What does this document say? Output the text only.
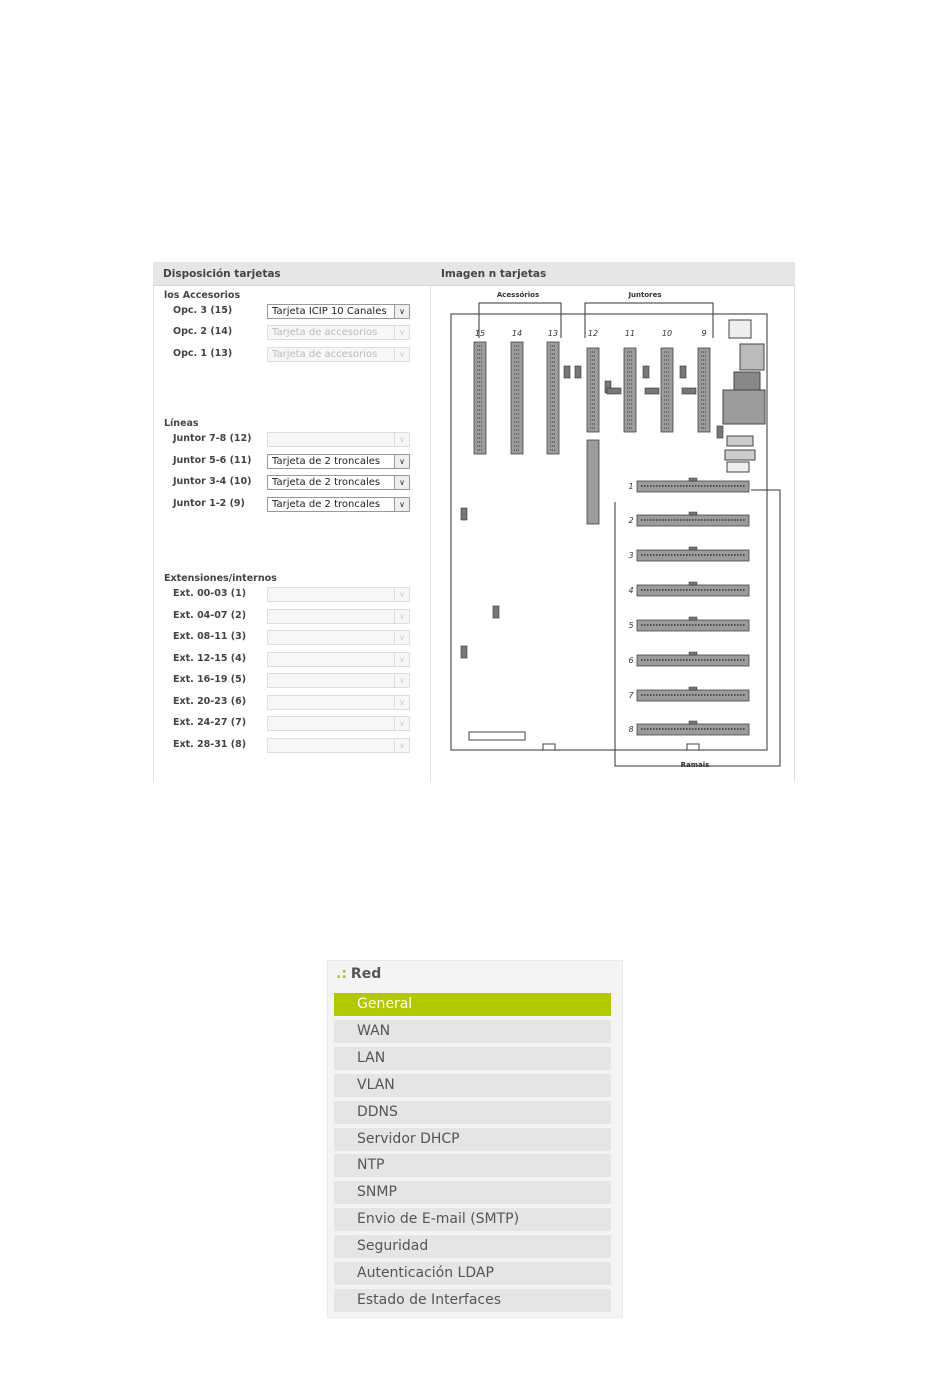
Disposición tarjetas	Imagen n tarjetas
los Accesorios
Opc. 3 (15)	Tarjeta ICIP 10 Canales	∨
Opc. 2 (14)	Tarjeta de accesorios	∨
Opc. 1 (13)	Tarjeta de accesorios	∨
Líneas
Juntor 7-8 (12)	∨
Juntor 5-6 (11)	Tarjeta de 2 troncales	∨
Juntor 3-4 (10)	Tarjeta de 2 troncales	∨
Juntor 1-2 (9)	Tarjeta de 2 troncales	∨
Extensiones/internos
Ext. 00-03 (1)	∨
Ext. 04-07 (2)	∨
Ext. 08-11 (3)	∨
Ext. 12-15 (4)	∨
Ext. 16-19 (5)	∨
Ext. 20-23 (6)	∨
Ext. 24-27 (7)	∨
Ext. 28-31 (8)	∨
Acessórios	Juntores
Ramais
15	14	13	12	11	10	9
1
2
3
4
5
6
7
8
.: Red
General
WAN
LAN
VLAN
DDNS
Servidor DHCP
NTP
SNMP
Envio de E-mail (SMTP)
Seguridad
Autenticación LDAP
Estado de Interfaces
